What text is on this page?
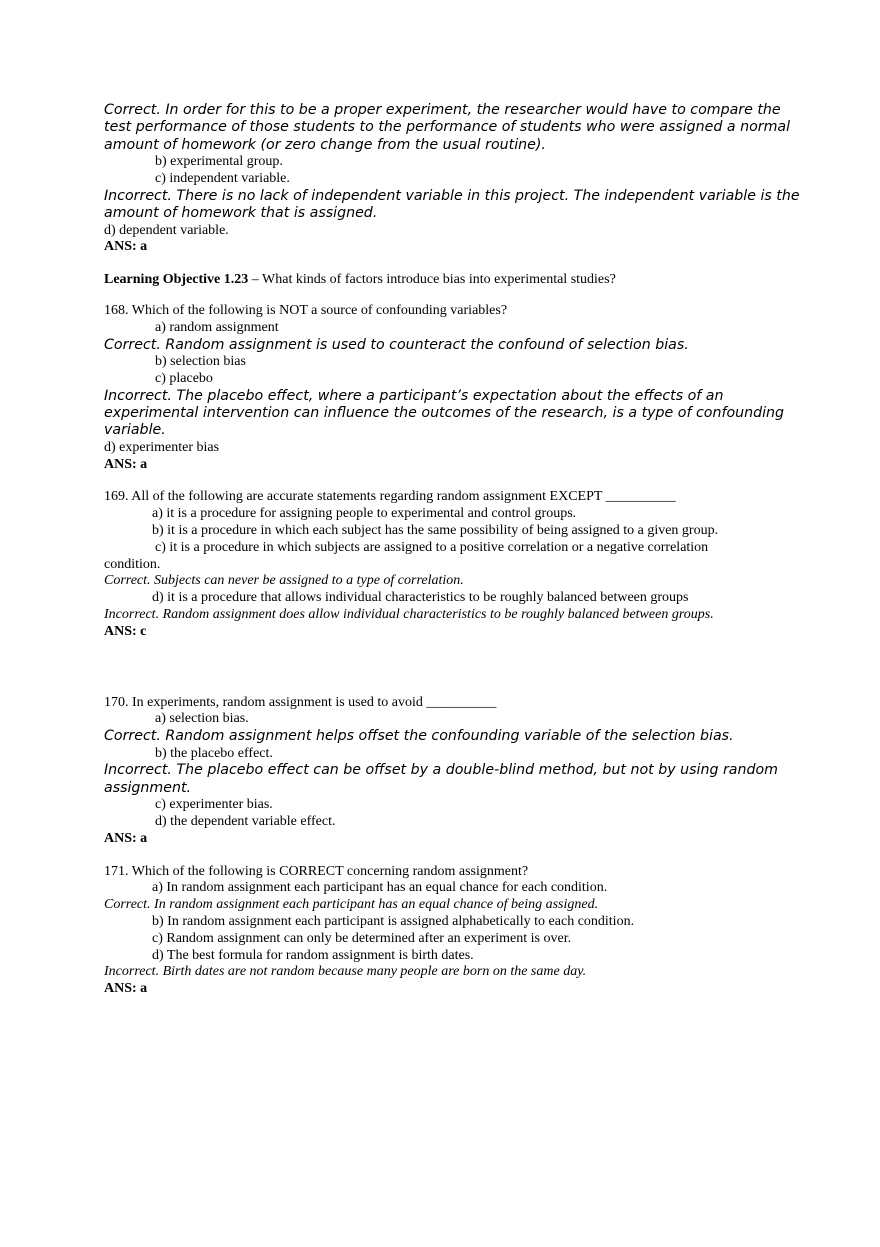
Correct. In order for this to be a proper experiment, the researcher would have to compare the test performance of those students to the performance of students who were assigned a normal amount of homework (or zero change from the usual routine).
b) experimental group.
c) independent variable.
Incorrect. There is no lack of independent variable in this project. The independent variable is the amount of homework that is assigned.
d) dependent variable.
ANS: a
Learning Objective 1.23 – What kinds of factors introduce bias into experimental studies?
168. Which of the following is NOT a source of confounding variables?
a) random assignment
Correct. Random assignment is used to counteract the confound of selection bias.
b) selection bias
c) placebo
Incorrect. The placebo effect, where a participant’s expectation about the effects of an experimental intervention can influence the outcomes of the research, is a type of confounding variable.
d) experimenter bias
ANS: a
169. All of the following are accurate statements regarding random assignment EXCEPT __________
a) it is a procedure for assigning people to experimental and control groups.
b) it is a procedure in which each subject has the same possibility of being assigned to a given group.
c) it is a procedure in which subjects are assigned to a positive correlation or a negative correlation
condition.
Correct. Subjects can never be assigned to a type of correlation.
d) it is a procedure that allows individual characteristics to be roughly balanced between groups
Incorrect. Random assignment does allow individual characteristics to be roughly balanced between groups.
ANS: c
170. In experiments, random assignment is used to avoid __________
a) selection bias.
Correct. Random assignment helps offset the confounding variable of the selection bias.
b) the placebo effect.
Incorrect. The placebo effect can be offset by a double-blind method, but not by using random assignment.
c) experimenter bias.
d) the dependent variable effect.
ANS: a
171. Which of the following is CORRECT concerning random assignment?
a) In random assignment each participant has an equal chance for each condition.
Correct. In random assignment each participant has an equal chance of being assigned.
b) In random assignment each participant is assigned alphabetically to each condition.
c) Random assignment can only be determined after an experiment is over.
d) The best formula for random assignment is birth dates.
Incorrect. Birth dates are not random because many people are born on the same day.
ANS: a
